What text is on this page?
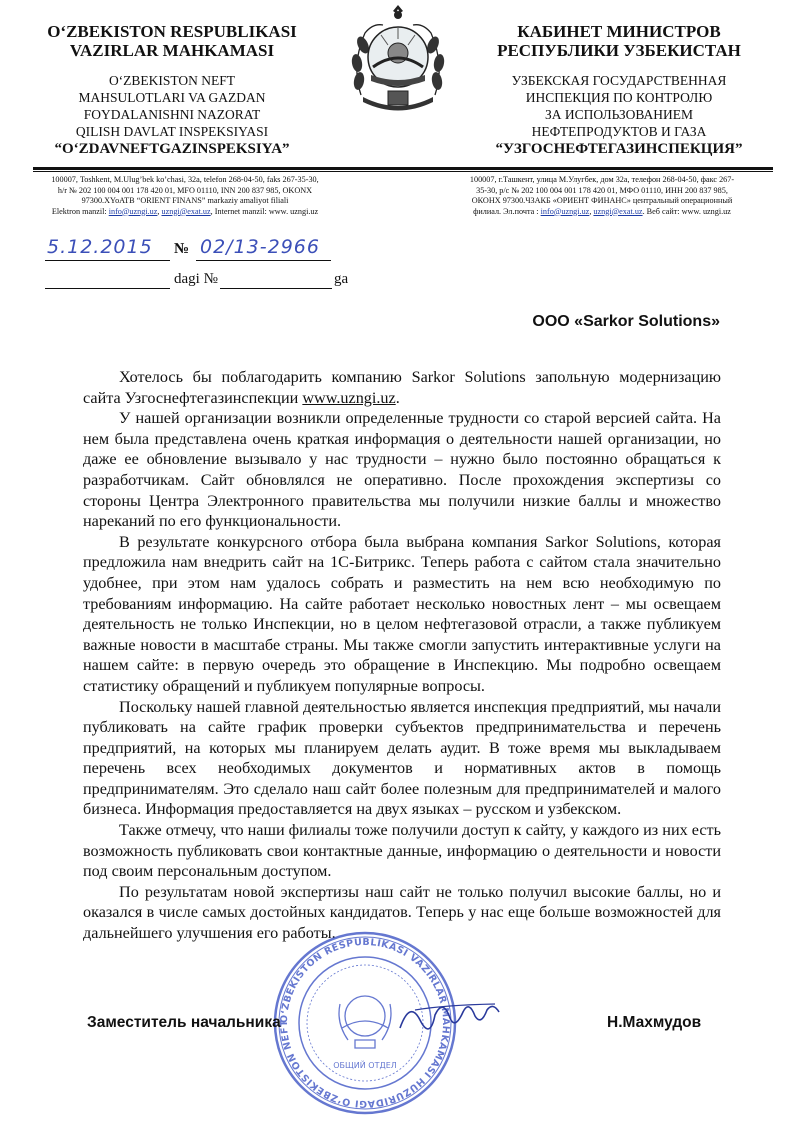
O‘ZBEKISTON RESPUBLIKASI
VAZIRLAR MAHKAMASI
O‘ZBEKISTON NEFT
MAHSULOTLARI VA GAZDAN
FOYDALANISHNI NAZORAT
QILISH DAVLAT INSPEKSIYASI
“O‘ZDAVNEFTGAZINSPEKSIYA”
КАБИНЕТ МИНИСТРОВ
РЕСПУБЛИКИ УЗБЕКИСТАН
УЗБЕКСКАЯ ГОСУДАРСТВЕННАЯ
ИНСПЕКЦИЯ ПО КОНТРОЛЮ
ЗА ИСПОЛЬЗОВАНИЕМ
НЕФТЕПРОДУКТОВ И ГАЗА
“УЗГОСНЕФТЕГАЗИНСПЕКЦИЯ”
100007, Toshkent, M.Ulug’bek ko’chasi, 32a, telefon 268-04-50, faks 267-35-30,
h/r № 202 100 004 001 178 420 01, MFO 01110, INN 200 837 985, OKONX
97300.XYoATB “ORIENT FINANS” markaziy amaliyot filiali
Elektron manzil: info@uzngi.uz, uzngi@exat.uz, Internet manzil: www. uzngi.uz
100007, г.Ташкент, улица М.Улугбек, дом 32а, телефон 268-04-50, факс 267-
35-30, р/с № 202 100 004 001 178 420 01, МФО 01110, ИНН 200 837 985,
ОКОНХ 97300.ЧЗАКБ «ОРИЕНТ ФИНАНС» центральный операционный
филиал. Эл.почта : info@uzngi.uz, uzngi@exat.uz. Веб сайт: www. uzngi.uz
5.12.2015 № 02/13-2966
dagi №	ga
ООО «Sarkor Solutions»

Хотелось бы поблагодарить компанию Sarkor Solutions запольную модернизацию сайта Узгоснефтегазинспекции www.uzngi.uz.

У нашей организации возникли определенные трудности со старой версией сайта. На нем была представлена очень краткая информация о деятельности нашей организации, но даже ее обновление вызывало у нас трудности – нужно было постоянно обращаться к разработчикам. Сайт обновлялся не оперативно. После прохождения экспертизы со стороны Центра Электронного правительства мы получили низкие баллы и множество нареканий по его функциональности.

В результате конкурсного отбора была выбрана компания Sarkor Solutions, которая предложила нам внедрить сайт на 1С-Битрикс. Теперь работа с сайтом стала значительно удобнее, при этом нам удалось собрать и разместить на нем всю необходимую по требованиям информацию. На сайте работает несколько новостных лент – мы освещаем деятельность не только Инспекции, но в целом нефтегазовой отрасли, а также публикуем важные новости в масштабе страны. Мы также смогли запустить интерактивные услуги на нашем сайте: в первую очередь это обращение в Инспекцию. Мы подробно освещаем статистику обращений и публикуем популярные вопросы.

Поскольку нашей главной деятельностью является инспекция предприятий, мы начали публиковать на сайте график проверки субъектов предпринимательства и перечень предприятий, на которых мы планируем делать аудит. В тоже время мы выкладываем перечень всех необходимых документов и нормативных актов в помощь предпринимателям. Это сделало наш сайт более полезным для предпринимателей и малого бизнеса. Информация предоставляется на двух языках – русском и узбекском.

Также отмечу, что наши филиалы тоже получили доступ к сайту, у каждого из них есть возможность публиковать свои контактные данные, информацию о деятельности и новости под своим персональным доступом.

По результатам новой экспертизы наш сайт не только получил высокие баллы, но и оказался в числе самых достойных кандидатов. Теперь у нас еще больше возможностей для дальнейшего улучшения его работы.

O‘ZBEKISTON RESPUBLIKASI VAZIRLAR MAHKAMASI HUZURIDAGI O‘ZBEKISTON NEFT
ОБЩИЙ ОТДЕЛ
Заместитель начальника	Н.Махмудов
